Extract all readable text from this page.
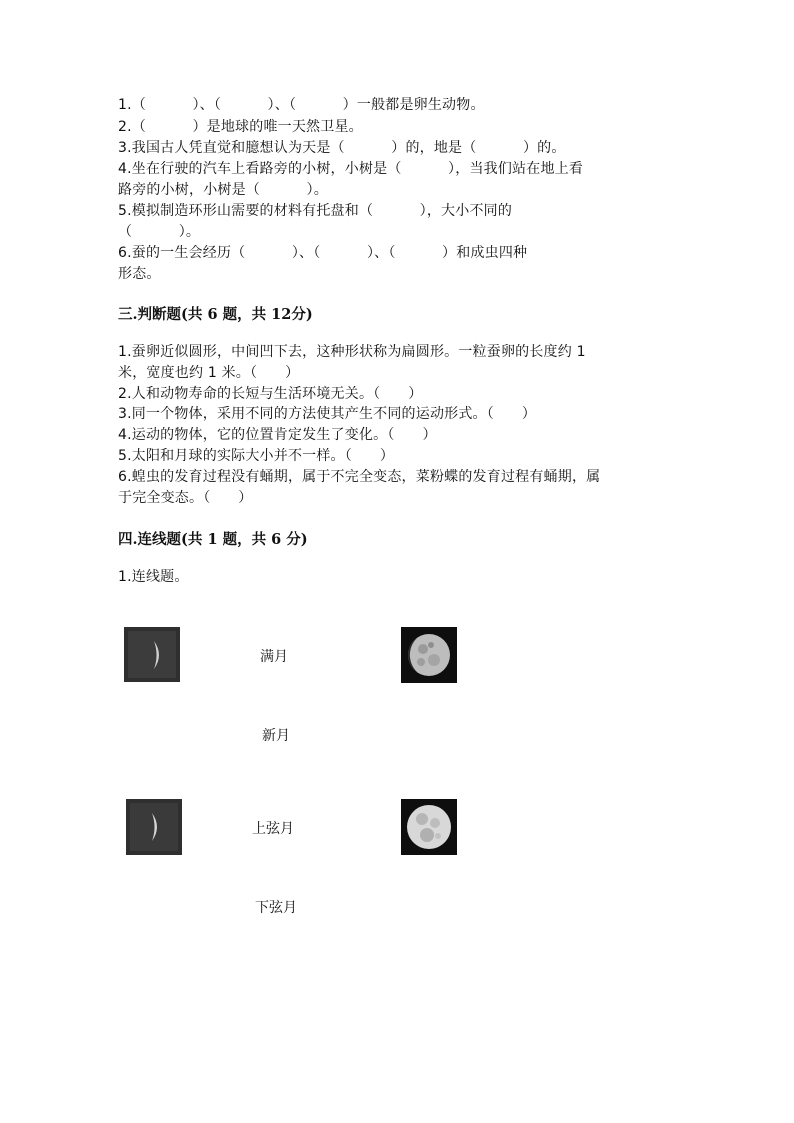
1.（          ）、（          ）、（          ）一般都是卵生动物。
2.（          ）是地球的唯一天然卫星。
3.我国古人凭直觉和臆想认为天是（          ）的，地是（          ）的。
4.坐在行驶的汽车上看路旁的小树，小树是（          ），当我们站在地上看
路旁的小树，小树是（          ）。
5.模拟制造环形山需要的材料有托盘和（          ），大小不同的
（          ）。
6.蚕的一生会经历（          ）、（          ）、（          ）和成虫四种
形态。
三.判断题(共 6 题，共 12分)
1.蚕卵近似圆形，中间凹下去，这种形状称为扁圆形。一粒蚕卵的长度约 1
米，宽度也约 1 米。（      ）
2.人和动物寿命的长短与生活环境无关。（      ）
3.同一个物体，采用不同的方法使其产生不同的运动形式。（      ）
4.运动的物体，它的位置肯定发生了变化。（      ）
5.太阳和月球的实际大小并不一样。（      ）
6.蝗虫的发育过程没有蛹期，属于不完全变态，菜粉蝶的发育过程有蛹期，属
于完全变态。（      ）
四.连线题(共 1 题，共 6 分)
1.连线题。
满月
新月
上弦月
下弦月
